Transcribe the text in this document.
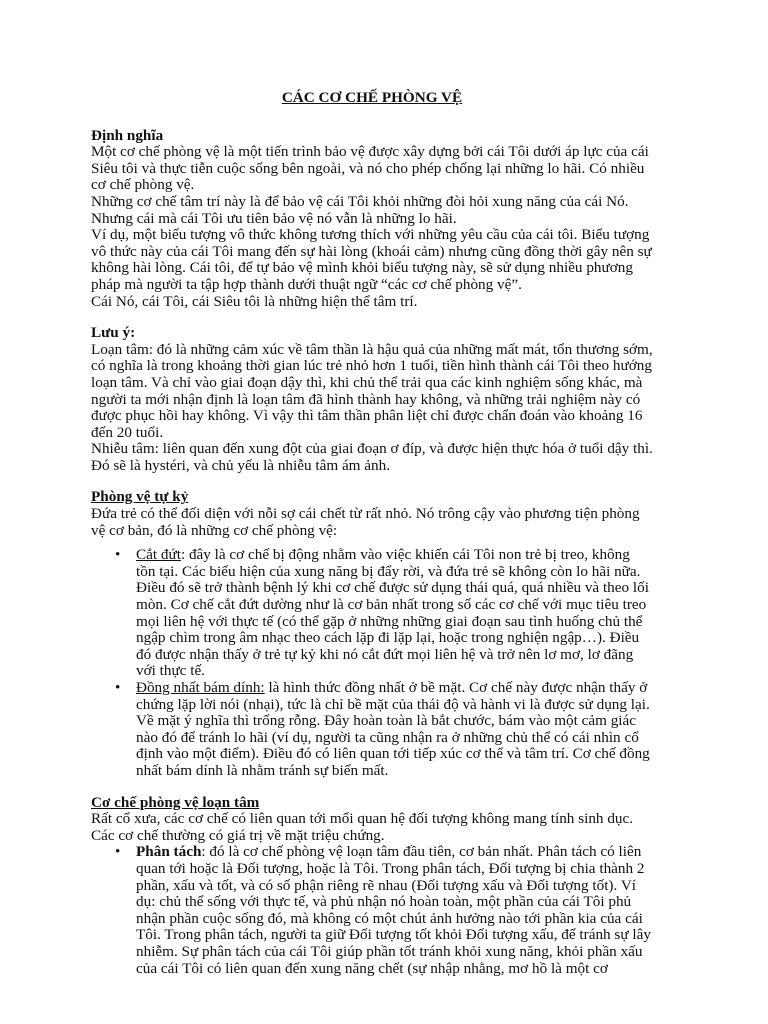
CÁC CƠ CHẾ PHÒNG VỆ

Định nghĩa

Một cơ chế phòng vệ là một tiến trình bảo vệ được xây dựng bởi cái Tôi dưới áp lực của cái Siêu tôi và thực tiễn cuộc sống bên ngoài, và nó cho phép chống lại những lo hãi. Có nhiều cơ chế phòng vệ.

Những cơ chế tâm trí này là để bảo vệ cái Tôi khỏi những đòi hỏi xung năng của cái Nó. Nhưng cái mà cái Tôi ưu tiên bảo vệ nó vẫn là những lo hãi.

Ví dụ, một biểu tượng vô thức không tương thích với những yêu cầu của cái tôi. Biểu tượng vô thức này của cái Tôi mang đến sự hài lòng (khoái cảm) nhưng cũng đồng thời gây nên sự không hài lòng. Cái tôi, để tự bảo vệ mình khỏi biểu tượng này, sẽ sử dụng nhiều phương pháp mà người ta tập hợp thành dưới thuật ngữ “các cơ chế phòng vệ”.

Cái Nó, cái Tôi, cái Siêu tôi là những hiện thể tâm trí.

Lưu ý:

Loạn tâm: đó là những cảm xúc về tâm thần là hậu quả của những mất mát, tổn thương sớm, có nghĩa là trong khoảng thời gian lúc trẻ nhỏ hơn 1 tuổi, tiền hình thành cái Tôi theo hướng loạn tâm. Và chỉ vào giai đoạn dậy thì, khi chủ thể trải qua các kinh nghiệm sống khác, mà người ta mới nhận định là loạn tâm đã hình thành hay không, và những trải nghiệm này có được phục hồi hay không. Vì vậy thì tâm thần phân liệt chỉ được chẩn đoán vào khoảng 16 đến 20 tuổi.

Nhiễu tâm: liên quan đến xung đột của giai đoạn ơ đíp, và được hiện thực hóa ở tuổi dậy thì. Đó sẽ là hystéri, và chủ yếu là nhiễu tâm ám ảnh.

Phòng vệ tự kỷ

Đứa trẻ có thể đối diện với nỗi sợ cái chết từ rất nhỏ. Nó trông cậy vào phương tiện phòng vệ cơ bản, đó là những cơ chế phòng vệ:

• Cắt đứt: đây là cơ chế bị động nhằm vào việc khiến cái Tôi non trẻ bị treo, không tồn tại. Các biểu hiện của xung năng bị đẩy rời, và đứa trẻ sẽ không còn lo hãi nữa. Điều đó sẽ trở thành bệnh lý khi cơ chế được sử dụng thái quá, quá nhiều và theo lối mòn. Cơ chế cắt đứt dường như là cơ bản nhất trong số các cơ chế với mục tiêu treo mọi liên hệ với thực tế (có thể gặp ở những những giai đoạn sau tình huống chủ thể ngập chìm trong âm nhạc theo cách lặp đi lặp lại, hoặc trong nghiện ngập…). Điều đó được nhận thấy ở trẻ tự kỷ khi nó cắt đứt mọi liên hệ và trở nên lơ mơ, lơ đãng với thực tế.
• Đồng nhất bám dính: là hình thức đồng nhất ở bề mặt. Cơ chế này được nhận thấy ở chứng lặp lời nói (nhại), tức là chỉ bề mặt của thái độ và hành vi là được sử dụng lại. Về mặt ý nghĩa thì trống rỗng. Đây hoàn toàn là bắt chước, bám vào một cảm giác nào đó để tránh lo hãi (ví dụ, người ta cũng nhận ra ở những chủ thể có cái nhìn cố định vào một điểm). Điều đó có liên quan tới tiếp xúc cơ thể và tâm trí. Cơ chế đồng nhất bám dính là nhằm tránh sự biến mất.

Cơ chế phòng vệ loạn tâm

Rất cổ xưa, các cơ chế có liên quan tới mối quan hệ đối tượng không mang tính sinh dục. Các cơ chế thường có giá trị về mặt triệu chứng.

• Phân tách: đó là cơ chế phòng vệ loạn tâm đầu tiên, cơ bản nhất. Phân tách có liên quan tới hoặc là Đối tượng, hoặc là Tôi. Trong phân tách, Đối tượng bị chia thành 2 phần, xấu và tốt, và có số phận riêng rẽ nhau (Đối tượng xấu và Đối tượng tốt). Ví dụ: chủ thể sống với thực tế, và phủ nhận nó hoàn toàn, một phần của cái Tôi phủ nhận phần cuộc sống đó, mà không có một chút ảnh hưởng nào tới phần kia của cái Tôi. Trong phân tách, người ta giữ Đối tượng tốt khỏi Đối tượng xấu, để tránh sự lây nhiễm. Sự phân tách của cái Tôi giúp phần tốt tránh khỏi xung năng, khỏi phần xấu của cái Tôi có liên quan đến xung năng chết (sự nhập nhằng, mơ hồ là một cơ
